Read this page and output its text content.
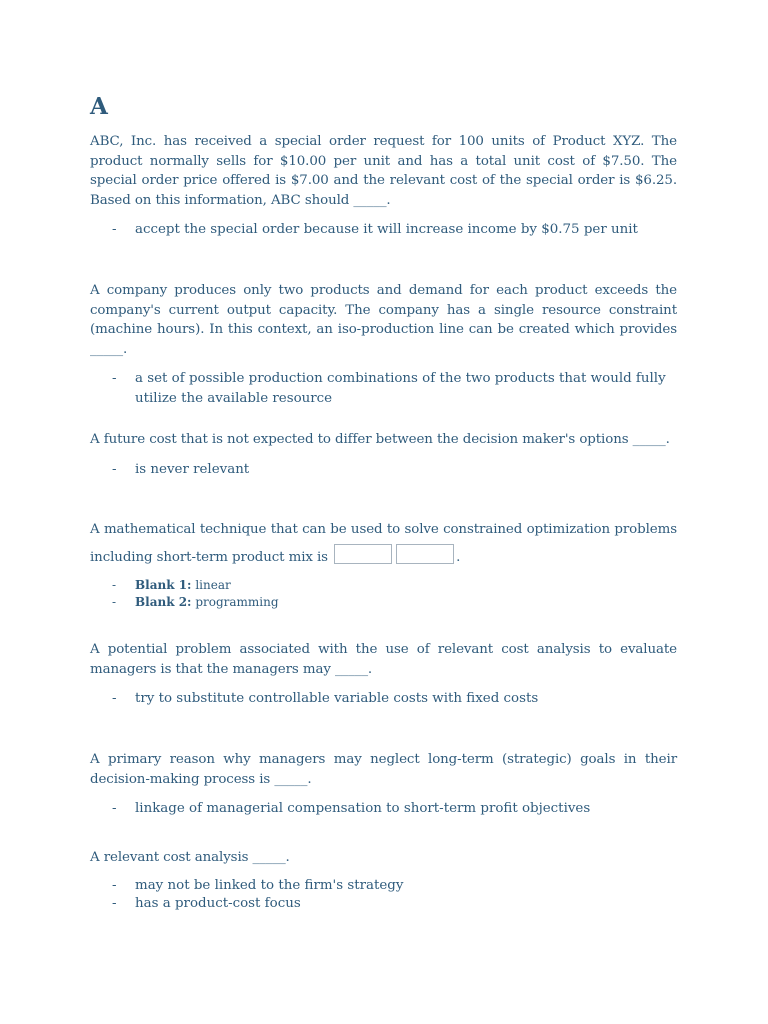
A

ABC, Inc. has received a special order request for 100 units of Product XYZ. The product normally sells for $10.00 per unit and has a total unit cost of $7.50. The special order price offered is $7.00 and the relevant cost of the special order is $6.25. Based on this information, ABC should _____.

- accept the special order because it will increase income by $0.75 per unit

A company produces only two products and demand for each product exceeds the company's current output capacity. The company has a single resource constraint (machine hours). In this context, an iso-production line can be created which provides _____.

- a set of possible production combinations of the two products that would fully utilize the available resource

A future cost that is not expected to differ between the decision maker's options _____.

- is never relevant

A mathematical technique that can be used to solve constrained optimization problems including short-term product mix is	.

- Blank 1: linear
- Blank 2: programming

A potential problem associated with the use of relevant cost analysis to evaluate managers is that the managers may _____.

- try to substitute controllable variable costs with fixed costs

A primary reason why managers may neglect long-term (strategic) goals in their decision-making process is _____.

- linkage of managerial compensation to short-term profit objectives

A relevant cost analysis _____.

- may not be linked to the firm's strategy
- has a product-cost focus
